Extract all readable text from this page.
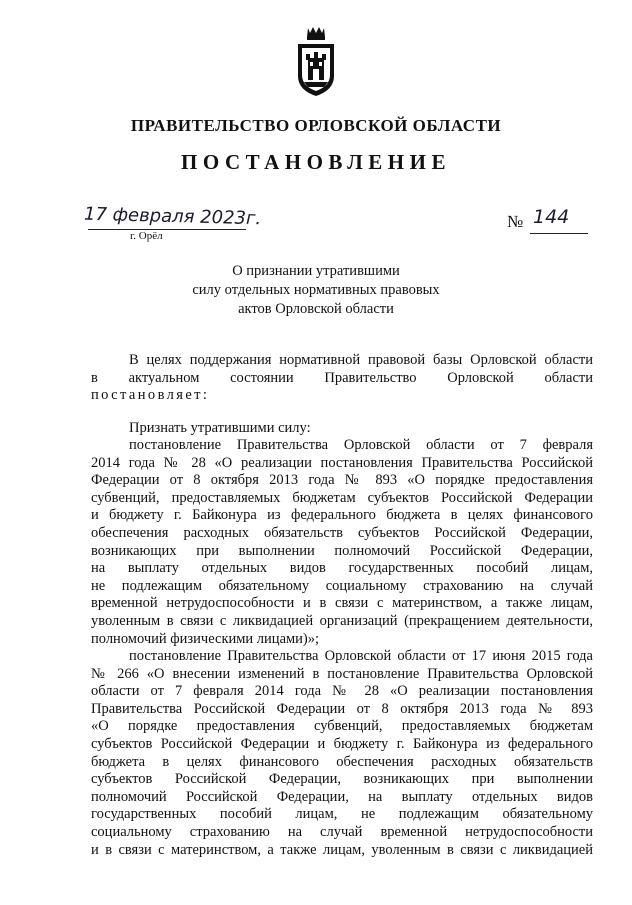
ПРАВИТЕЛЬСТВО ОРЛОВСКОЙ ОБЛАСТИ
ПОСТАНОВЛЕНИЕ
17 февраля 2023г.
г. Орёл
№ 144
О признании утратившими
силу отдельных нормативных правовых
актов Орловской области
В целях поддержания нормативной правовой базы Орловской области
в актуальном состоянии Правительство Орловской области
постановляет:
Признать утратившими силу:
постановление Правительства Орловской области от 7 февраля
2014 года № 28 «О реализации постановления Правительства Российской
Федерации от 8 октября 2013 года № 893 «О порядке предоставления
субвенций, предоставляемых бюджетам субъектов Российской Федерации
и бюджету г. Байконура из федерального бюджета в целях финансового
обеспечения расходных обязательств субъектов Российской Федерации,
возникающих при выполнении полномочий Российской Федерации,
на выплату отдельных видов государственных пособий лицам,
не подлежащим обязательному социальному страхованию на случай
временной нетрудоспособности и в связи с материнством, а также лицам,
уволенным в связи с ликвидацией организаций (прекращением деятельности,
полномочий физическими лицами)»;
постановление Правительства Орловской области от 17 июня 2015 года
№ 266 «О внесении изменений в постановление Правительства Орловской
области от 7 февраля 2014 года № 28 «О реализации постановления
Правительства Российской Федерации от 8 октября 2013 года № 893
«О порядке предоставления субвенций, предоставляемых бюджетам
субъектов Российской Федерации и бюджету г. Байконура из федерального
бюджета в целях финансового обеспечения расходных обязательств
субъектов Российской Федерации, возникающих при выполнении
полномочий Российской Федерации, на выплату отдельных видов
государственных пособий лицам, не подлежащим обязательному
социальному страхованию на случай временной нетрудоспособности
и в связи с материнством, а также лицам, уволенным в связи с ликвидацией
